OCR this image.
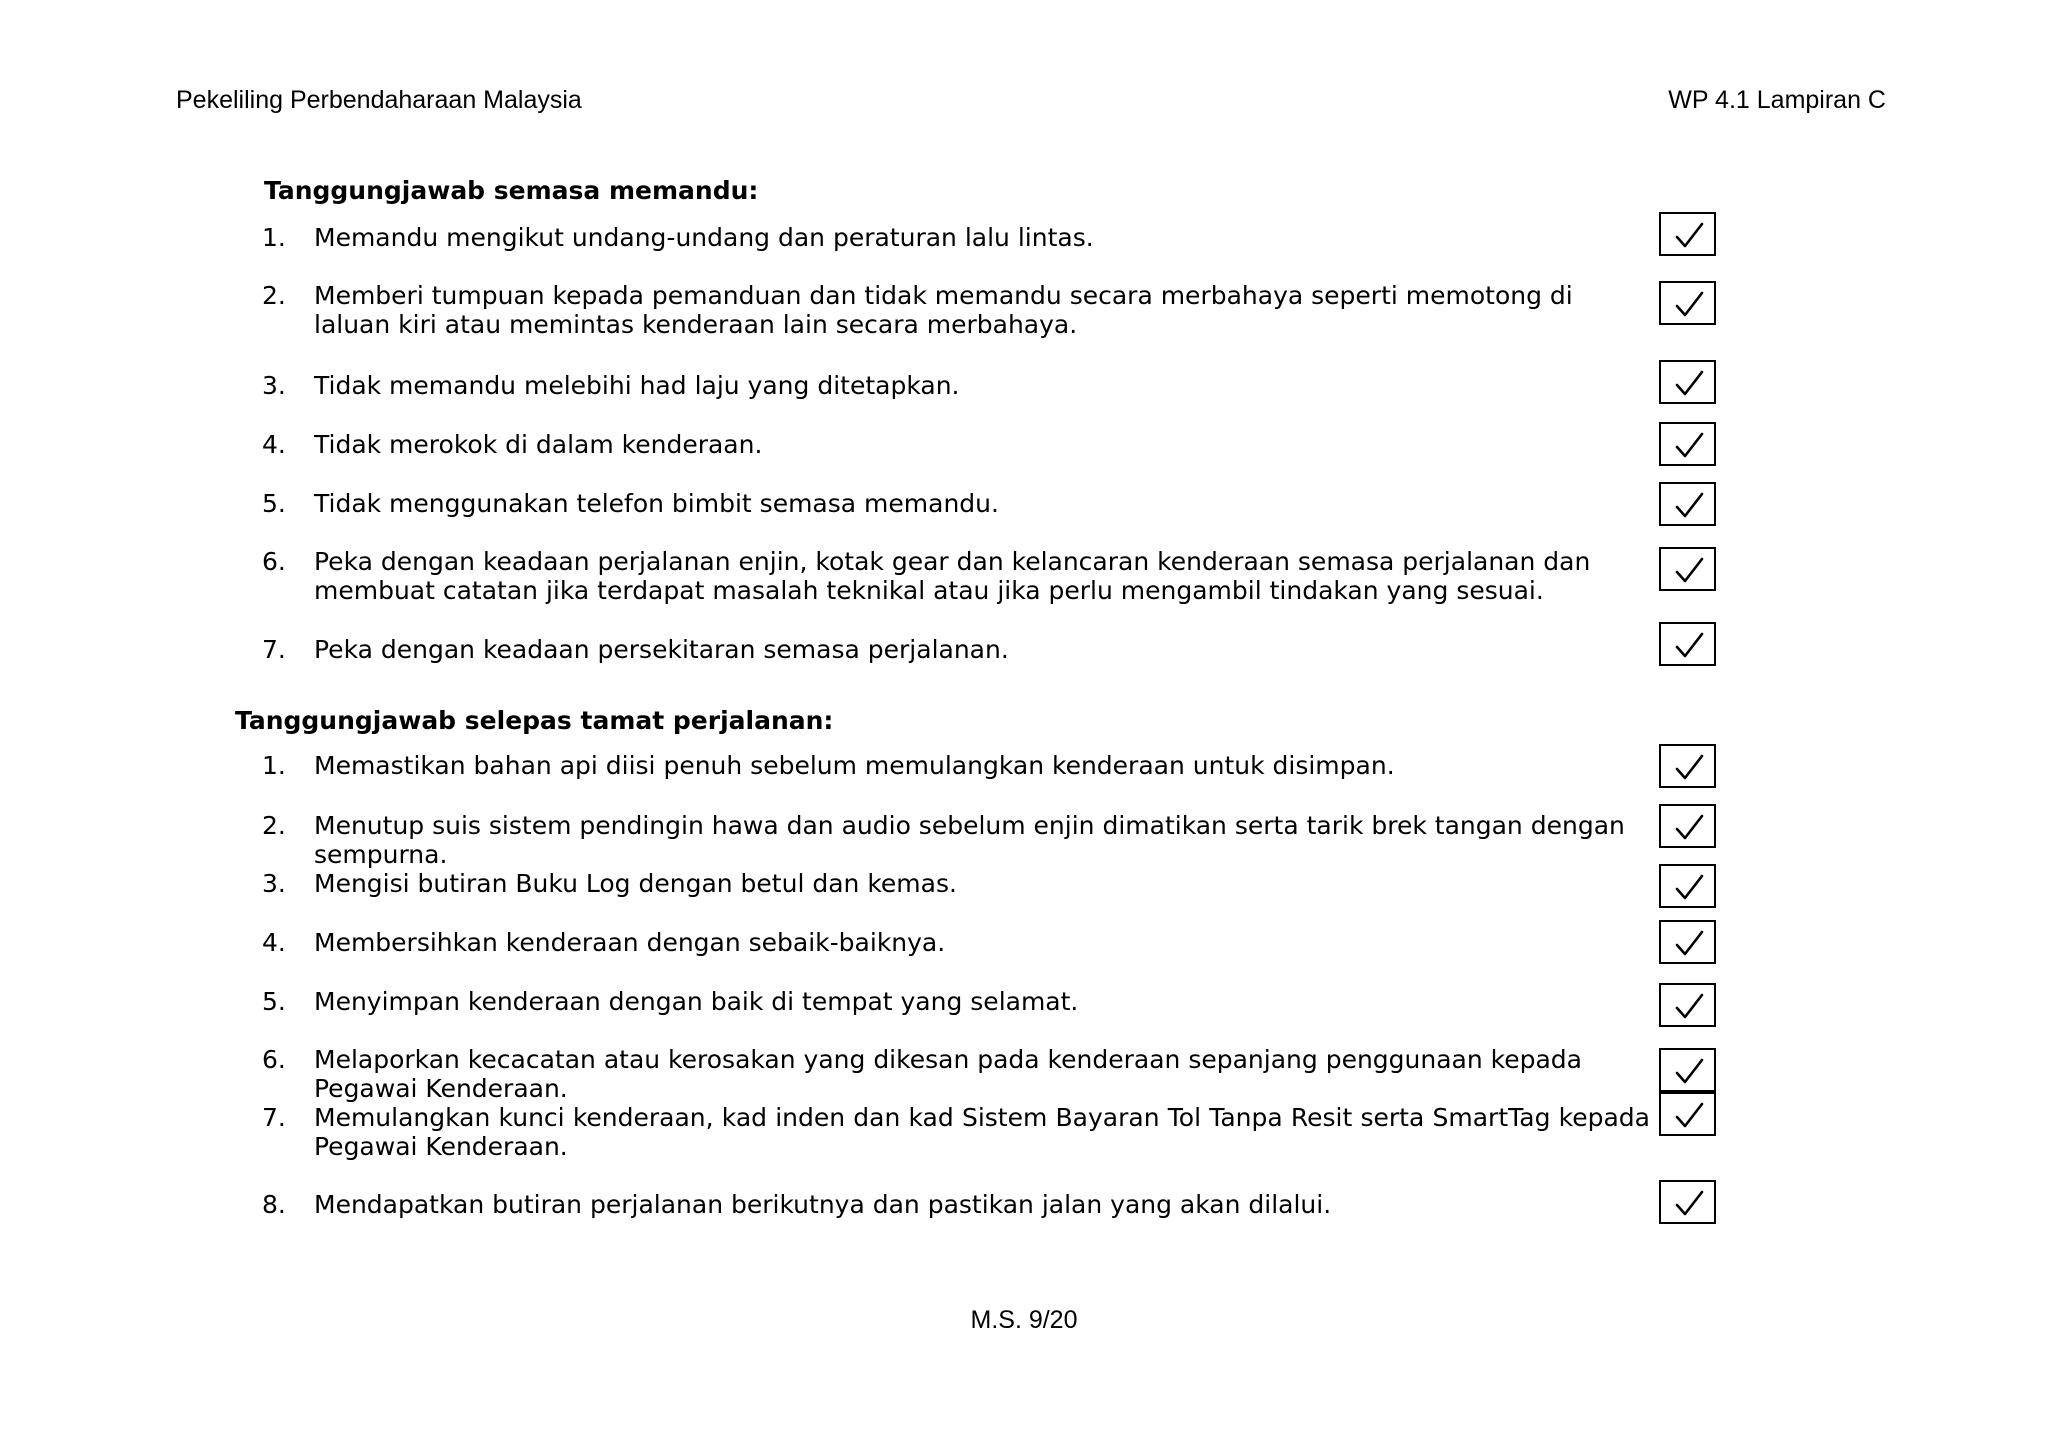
Pekeliling Perbendaharaan Malaysia	WP 4.1 Lampiran C
Tanggungjawab semasa memandu:
1. Memandu mengikut undang-undang dan peraturan lalu lintas.
2. Memberi tumpuan kepada pemanduan dan tidak memandu secara merbahaya seperti memotong di laluan kiri atau memintas kenderaan lain secara merbahaya.
3. Tidak memandu melebihi had laju yang ditetapkan.
4. Tidak merokok di dalam kenderaan.
5. Tidak menggunakan telefon bimbit semasa memandu.
6. Peka dengan keadaan perjalanan enjin, kotak gear dan kelancaran kenderaan semasa perjalanan dan membuat catatan jika terdapat masalah teknikal atau jika perlu mengambil tindakan yang sesuai.
7. Peka dengan keadaan persekitaran semasa perjalanan.
Tanggungjawab selepas tamat perjalanan:
1. Memastikan bahan api diisi penuh sebelum memulangkan kenderaan untuk disimpan.
2. Menutup suis sistem pendingin hawa dan audio sebelum enjin dimatikan serta tarik brek tangan dengan sempurna.
3. Mengisi butiran Buku Log dengan betul dan kemas.
4. Membersihkan kenderaan dengan sebaik-baiknya.
5. Menyimpan kenderaan dengan baik di tempat yang selamat.
6. Melaporkan kecacatan atau kerosakan yang dikesan pada kenderaan sepanjang penggunaan kepada Pegawai Kenderaan.
7. Memulangkan kunci kenderaan, kad inden dan kad Sistem Bayaran Tol Tanpa Resit serta SmartTag kepada Pegawai Kenderaan.
8. Mendapatkan butiran perjalanan berikutnya dan pastikan jalan yang akan dilalui.
M.S. 9/20
